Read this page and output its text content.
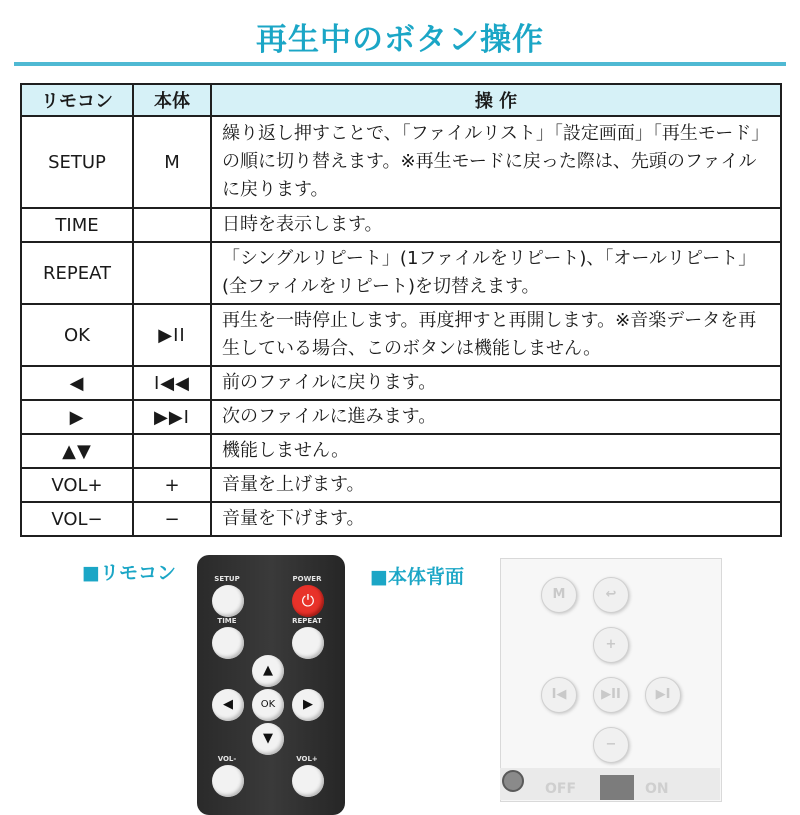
再生中のボタン操作
リモコン	本体	操 作
SETUP	M	繰り返し押すことで、「ファイルリスト」「設定画面」「再生モード」の順に切り替えます。※再生モードに戻った際は、先頭のファイルに戻ります。
TIME		日時を表示します。
REPEAT		「シングルリピート」(1ファイルをリピート)、「オールリピート」(全ファイルをリピート)を切替えます。
OK	▶II	再生を一時停止します。再度押すと再開します。※音楽データを再生している場合、このボタンは機能しません。
◀	I◀◀	前のファイルに戻ります。
▶	▶▶I	次のファイルに進みます。
▲▼		機能しません。
VOL+	+	音量を上げます。
VOL−	−	音量を下げます。
■リモコン	■本体背面
SETUP	POWER
⏻
TIME	REPEAT
▲
◀	OK	▶
▼
VOL-	VOL+
M	↩
+
I◀	▶II	▶I
−
OFF	ON
